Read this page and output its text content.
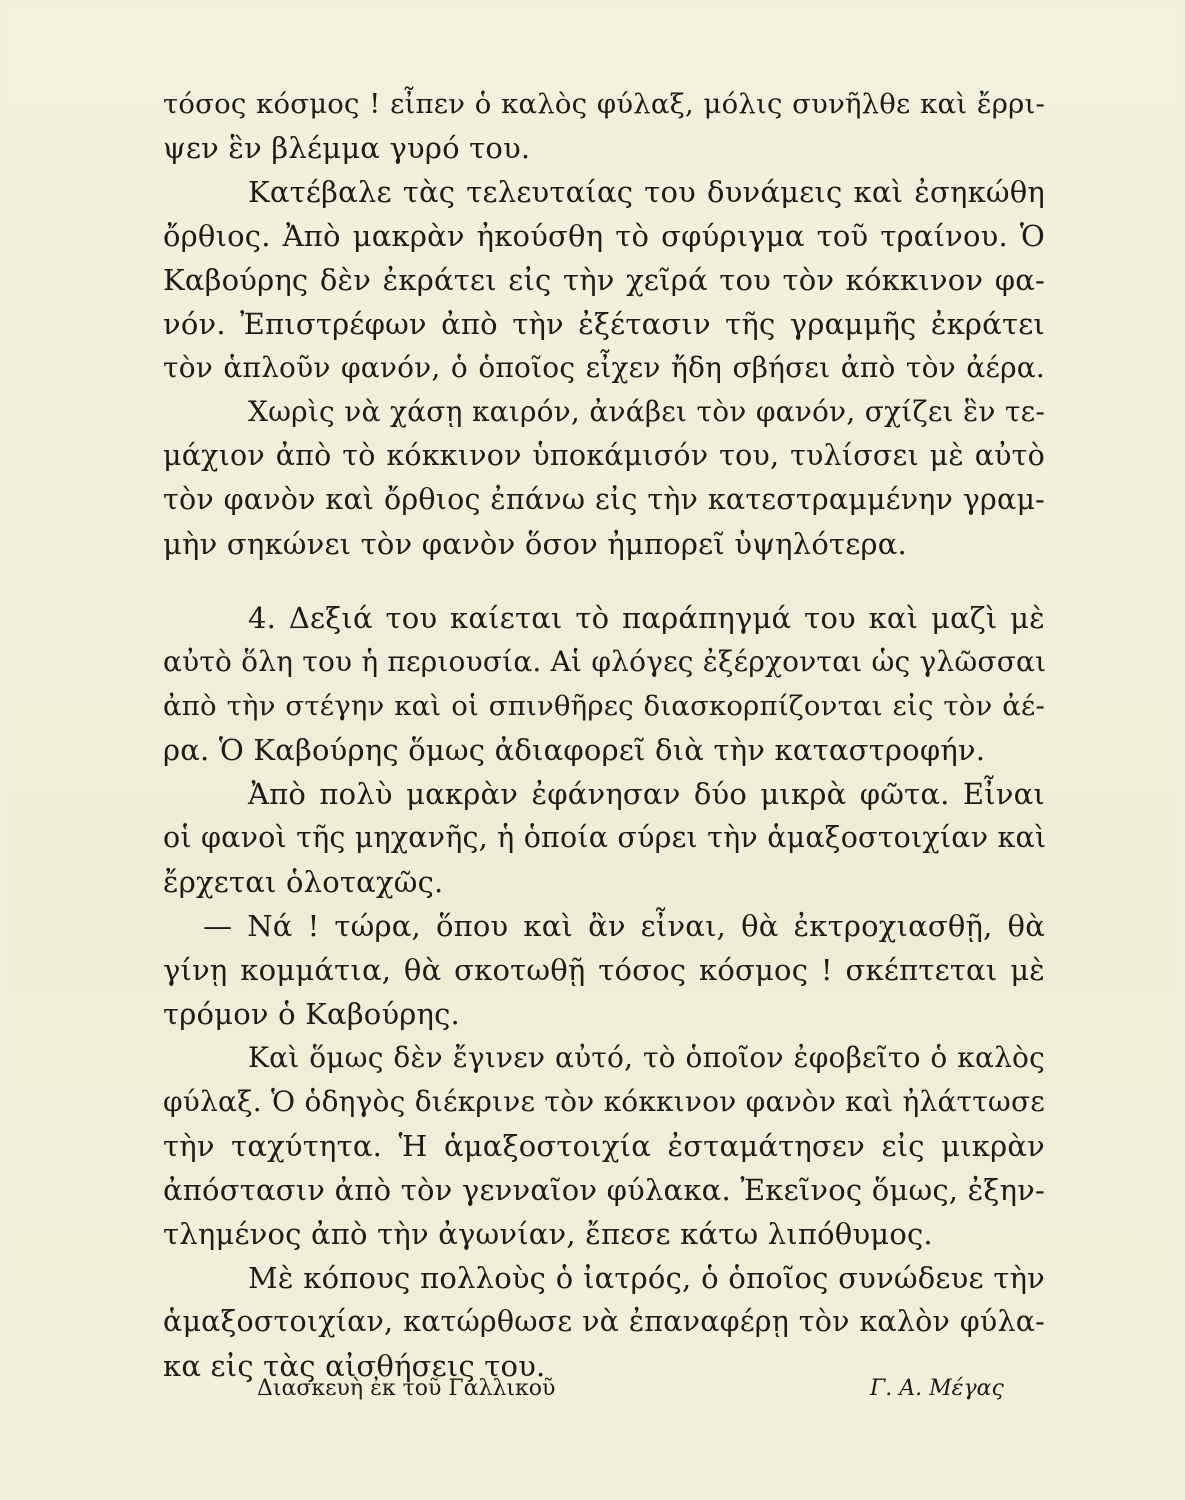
τόσος κόσμος ! εἶπεν ὁ καλὸς φύλαξ, μόλις συνῆλθε καὶ ἔρρι-
ψεν ἓν βλέμμα γυρό του.
Κατέβαλε τὰς τελευταίας του δυνάμεις καὶ ἐσηκώθη
ὄρθιος. Ἀπὸ μακρὰν ἠκούσθη τὸ σφύριγμα τοῦ τραίνου. Ὁ
Καβούρης δὲν ἐκράτει εἰς τὴν χεῖρά του τὸν κόκκινον φα-
νόν. Ἐπιστρέφων ἀπὸ τὴν ἐξέτασιν τῆς γραμμῆς ἐκράτει
τὸν ἁπλοῦν φανόν, ὁ ὁποῖος εἶχεν ἤδη σβήσει ἀπὸ τὸν ἀέρα.
Χωρὶς νὰ χάσῃ καιρόν, ἀνάβει τὸν φανόν, σχίζει ἓν τε-
μάχιον ἀπὸ τὸ κόκκινον ὑποκάμισόν του, τυλίσσει μὲ αὐτὸ
τὸν φανὸν καὶ ὄρθιος ἐπάνω εἰς τὴν κατεστραμμένην γραμ-
μὴν σηκώνει τὸν φανὸν ὅσον ἠμπορεῖ ὑψηλότερα.
4. Δεξιά του καίεται τὸ παράπηγμά του καὶ μαζὶ μὲ
αὐτὸ ὅλη του ἡ περιουσία. Αἱ φλόγες ἐξέρχονται ὡς γλῶσσαι
ἀπὸ τὴν στέγην καὶ οἱ σπινθῆρες διασκορπίζονται εἰς τὸν ἀέ-
ρα. Ὁ Καβούρης ὅμως ἀδιαφορεῖ διὰ τὴν καταστροφήν.
Ἀπὸ πολὺ μακρὰν ἐφάνησαν δύο μικρὰ φῶτα. Εἶναι
οἱ φανοὶ τῆς μηχανῆς, ἡ ὁποία σύρει τὴν ἁμαξοστοιχίαν καὶ
ἔρχεται ὁλοταχῶς.
— Νά ! τώρα, ὅπου καὶ ἂν εἶναι, θὰ ἐκτροχιασθῇ, θὰ
γίνῃ κομμάτια, θὰ σκοτωθῇ τόσος κόσμος ! σκέπτεται μὲ
τρόμον ὁ Καβούρης.
Καὶ ὅμως δὲν ἔγινεν αὐτό, τὸ ὁποῖον ἐφοβεῖτο ὁ καλὸς
φύλαξ. Ὁ ὁδηγὸς διέκρινε τὸν κόκκινον φανὸν καὶ ἠλάττωσε
τὴν ταχύτητα. Ἡ ἁμαξοστοιχία ἐσταμάτησεν εἰς μικρὰν
ἀπόστασιν ἀπὸ τὸν γενναῖον φύλακα. Ἐκεῖνος ὅμως, ἐξην-
τλημένος ἀπὸ τὴν ἀγωνίαν, ἔπεσε κάτω λιπόθυμος.
Μὲ κόπους πολλοὺς ὁ ἰατρός, ὁ ὁποῖος συνώδευε τὴν
ἁμαξοστοιχίαν, κατώρθωσε νὰ ἐπαναφέρῃ τὸν καλὸν φύλα-
κα εἰς τὰς αἰσθήσεις του.
Διασκευὴ ἐκ τοῦ Γαλλικοῦ	Γ. Α. Μέγας
